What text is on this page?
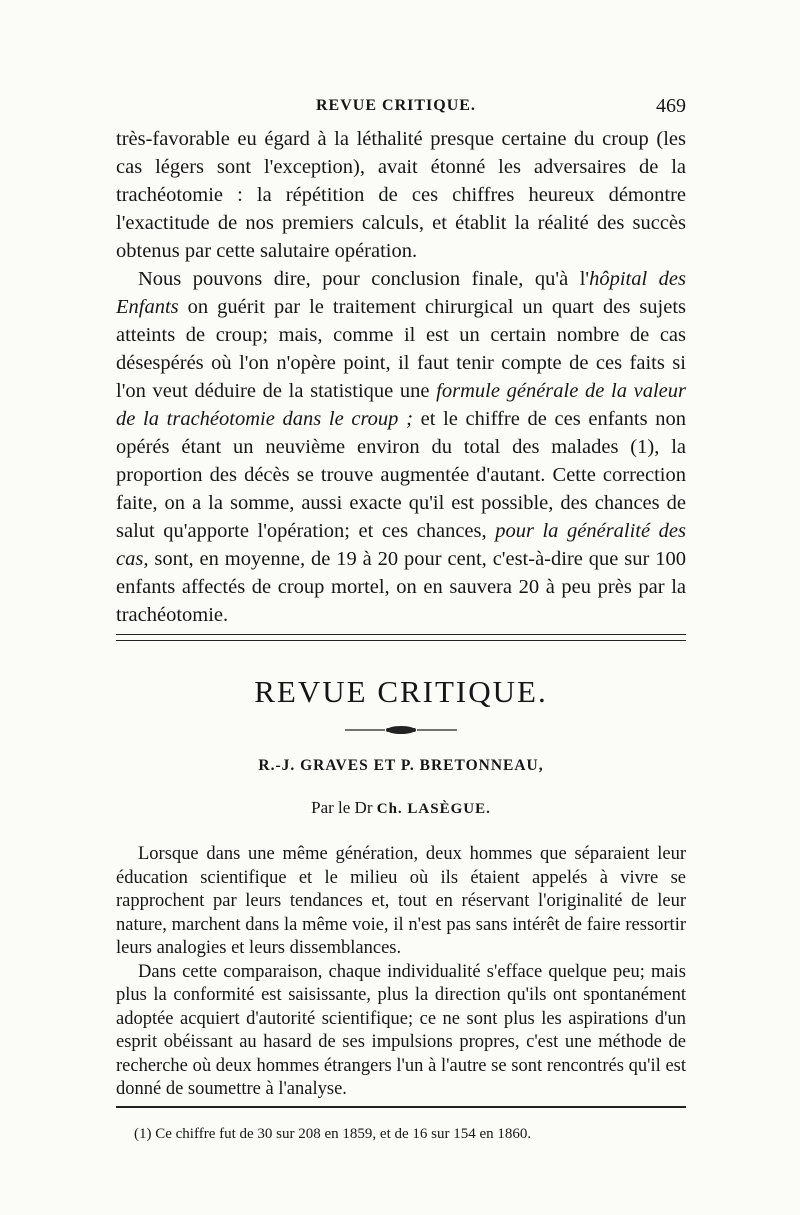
REVUE CRITIQUE.	469

très-favorable eu égard à la léthalité presque certaine du croup (les cas légers sont l'exception), avait étonné les adversaires de la trachéotomie : la répétition de ces chiffres heureux démontre l'exactitude de nos premiers calculs, et établit la réalité des succès obtenus par cette salutaire opération.

Nous pouvons dire, pour conclusion finale, qu'à l'hôpital des Enfants on guérit par le traitement chirurgical un quart des sujets atteints de croup; mais, comme il est un certain nombre de cas désespérés où l'on n'opère point, il faut tenir compte de ces faits si l'on veut déduire de la statistique une formule générale de la valeur de la trachéotomie dans le croup ; et le chiffre de ces enfants non opérés étant un neuvième environ du total des malades (1), la proportion des décès se trouve augmentée d'autant. Cette correction faite, on a la somme, aussi exacte qu'il est possible, des chances de salut qu'apporte l'opération; et ces chances, pour la généralité des cas, sont, en moyenne, de 19 à 20 pour cent, c'est-à-dire que sur 100 enfants affectés de croup mortel, on en sauvera 20 à peu près par la trachéotomie.

REVUE CRITIQUE.
R.-J. GRAVES ET P. BRETONNEAU,
Par le Dr Ch. LASÈGUE.

Lorsque dans une même génération, deux hommes que séparaient leur éducation scientifique et le milieu où ils étaient appelés à vivre se rapprochent par leurs tendances et, tout en réservant l'originalité de leur nature, marchent dans la même voie, il n'est pas sans intérêt de faire ressortir leurs analogies et leurs dissemblances.

Dans cette comparaison, chaque individualité s'efface quelque peu; mais plus la conformité est saisissante, plus la direction qu'ils ont spontanément adoptée acquiert d'autorité scientifique; ce ne sont plus les aspirations d'un esprit obéissant au hasard de ses impulsions propres, c'est une méthode de recherche où deux hommes étrangers l'un à l'autre se sont rencontrés qu'il est donné de soumettre à l'analyse.

(1) Ce chiffre fut de 30 sur 208 en 1859, et de 16 sur 154 en 1860.
